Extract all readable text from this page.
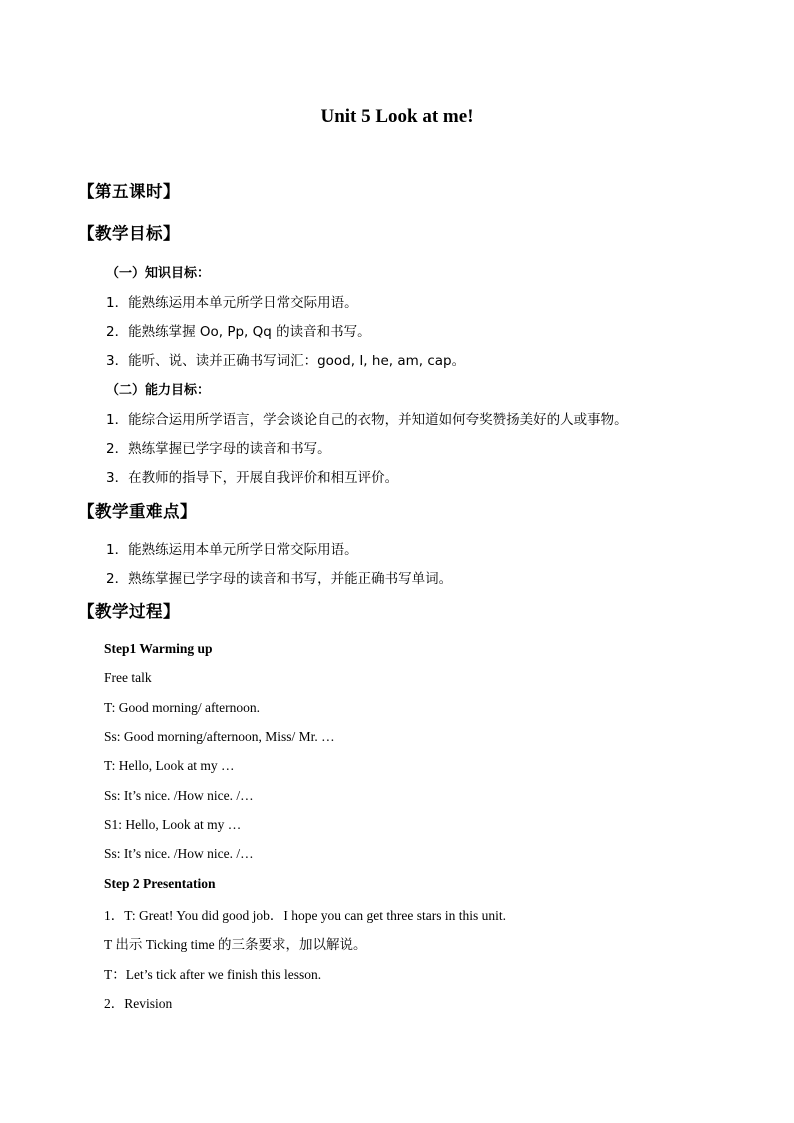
Unit 5 Look at me!
【第五课时】
【教学目标】
（一）知识目标：
1．能熟练运用本单元所学日常交际用语。
2．能熟练掌握 Oo, Pp, Qq 的读音和书写。
3．能听、说、读并正确书写词汇：good, I, he, am, cap。
（二）能力目标：
1．能综合运用所学语言，学会谈论自己的衣物，并知道如何夸奖赞扬美好的人或事物。
2．熟练掌握已学字母的读音和书写。
3．在教师的指导下，开展自我评价和相互评价。
【教学重难点】
1．能熟练运用本单元所学日常交际用语。
2．熟练掌握已学字母的读音和书写，并能正确书写单词。
【教学过程】
Step1 Warming up
Free talk
T: Good morning/ afternoon.
Ss: Good morning/afternoon, Miss/ Mr. …
T: Hello, Look at my …
Ss: It’s nice. /How nice. /…
S1: Hello, Look at my …
Ss: It’s nice. /How nice. /…
Step 2 Presentation
1．T: Great! You did good job．I hope you can get three stars in this unit.
T 出示 Ticking time 的三条要求，加以解说。
T：Let’s tick after we finish this lesson.
2．Revision
